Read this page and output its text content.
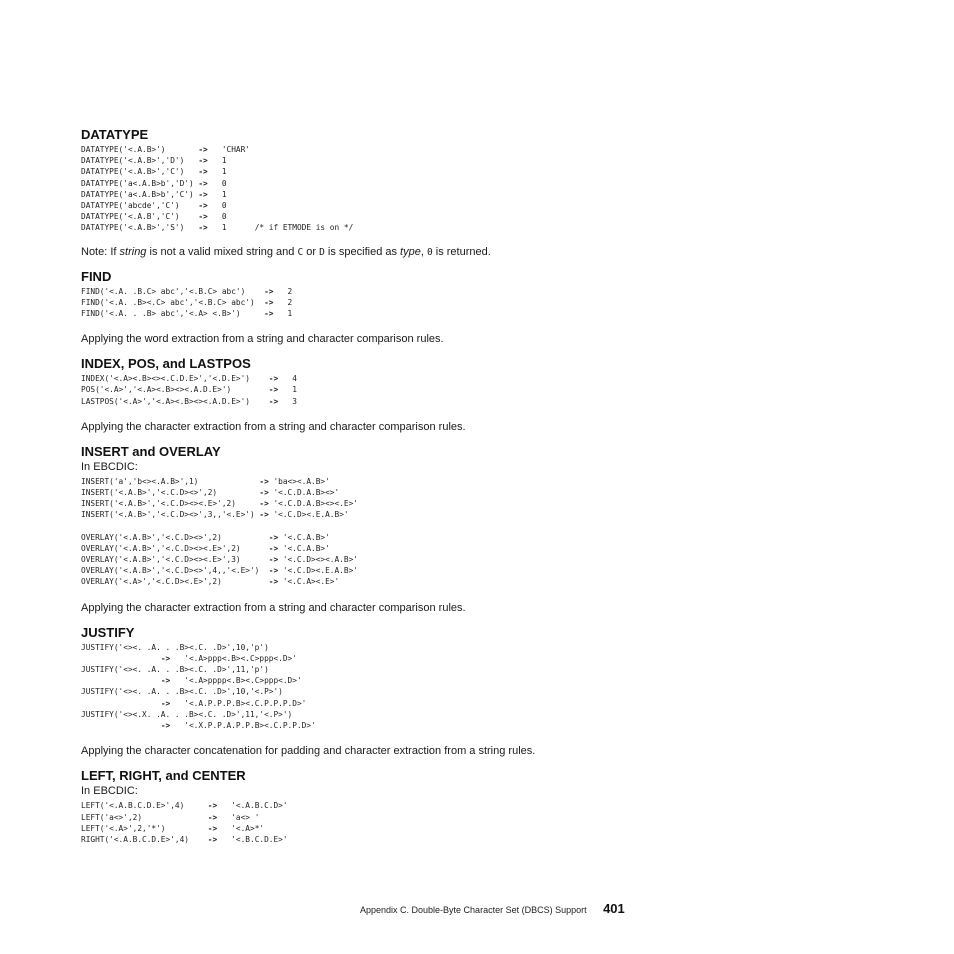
DATATYPE
DATATYPE('<.A.B>')       ->   'CHAR'
DATATYPE('<.A.B>','D')   ->   1
DATATYPE('<.A.B>','C')   ->   1
DATATYPE('a<.A.B>b','D') ->   0
DATATYPE('a<.A.B>b','C') ->   1
DATATYPE('abcde','C')    ->   0
DATATYPE('<.A.B','C')    ->   0
DATATYPE('<.A.B>','S')   ->   1      /* if ETMODE is on */

Note: If string is not a valid mixed string and C or D is specified as type, 0 is returned.

FIND
FIND('<.A. .B.C> abc','<.B.C> abc')    ->   2
FIND('<.A. .B><.C> abc','<.B.C> abc')  ->   2
FIND('<.A. . .B> abc','<.A> <.B>')     ->   1

Applying the word extraction from a string and character comparison rules.

INDEX, POS, and LASTPOS
INDEX('<.A><.B><><.C.D.E>','<.D.E>')    ->   4
POS('<.A>','<.A><.B><><.A.D.E>')        ->   1
LASTPOS('<.A>','<.A><.B><><.A.D.E>')    ->   3

Applying the character extraction from a string and character comparison rules.

INSERT and OVERLAY

In EBCDIC:

INSERT('a','b<><.A.B>',1)             -> 'ba<><.A.B>'
INSERT('<.A.B>','<.C.D><>',2)         -> '<.C.D.A.B><>'
INSERT('<.A.B>','<.C.D><><.E>',2)     -> '<.C.D.A.B><><.E>'
INSERT('<.A.B>','<.C.D><>',3,,'<.E>') -> '<.C.D><.E.A.B>'
OVERLAY('<.A.B>','<.C.D><>',2)          -> '<.C.A.B>'
OVERLAY('<.A.B>','<.C.D><><.E>',2)      -> '<.C.A.B>'
OVERLAY('<.A.B>','<.C.D><><.E>',3)      -> '<.C.D><><.A.B>'
OVERLAY('<.A.B>','<.C.D><>',4,,'<.E>')  -> '<.C.D><.E.A.B>'
OVERLAY('<.A>','<.C.D><.E>',2)          -> '<.C.A><.E>'

Applying the character extraction from a string and character comparison rules.

JUSTIFY
JUSTIFY('<><. .A. . .B><.C. .D>',10,'p')
->   '<.A>ppp<.B><.C>ppp<.D>'
JUSTIFY('<><. .A. . .B><.C. .D>',11,'p')
->   '<.A>pppp<.B><.C>ppp<.D>'
JUSTIFY('<><. .A. . .B><.C. .D>',10,'<.P>')
->   '<.A.P.P.P.B><.C.P.P.P.D>'
JUSTIFY('<><.X. .A. . .B><.C. .D>',11,'<.P>')
->   '<.X.P.P.A.P.P.B><.C.P.P.D>'

Applying the character concatenation for padding and character extraction from a string rules.

LEFT, RIGHT, and CENTER

In EBCDIC:

LEFT('<.A.B.C.D.E>',4)     ->   '<.A.B.C.D>'
LEFT('a<>',2)              ->   'a<> '
LEFT('<.A>',2,'*')         ->   '<.A>*'
RIGHT('<.A.B.C.D.E>',4)    ->   '<.B.C.D.E>'
Appendix C. Double-Byte Character Set (DBCS) Support 401
